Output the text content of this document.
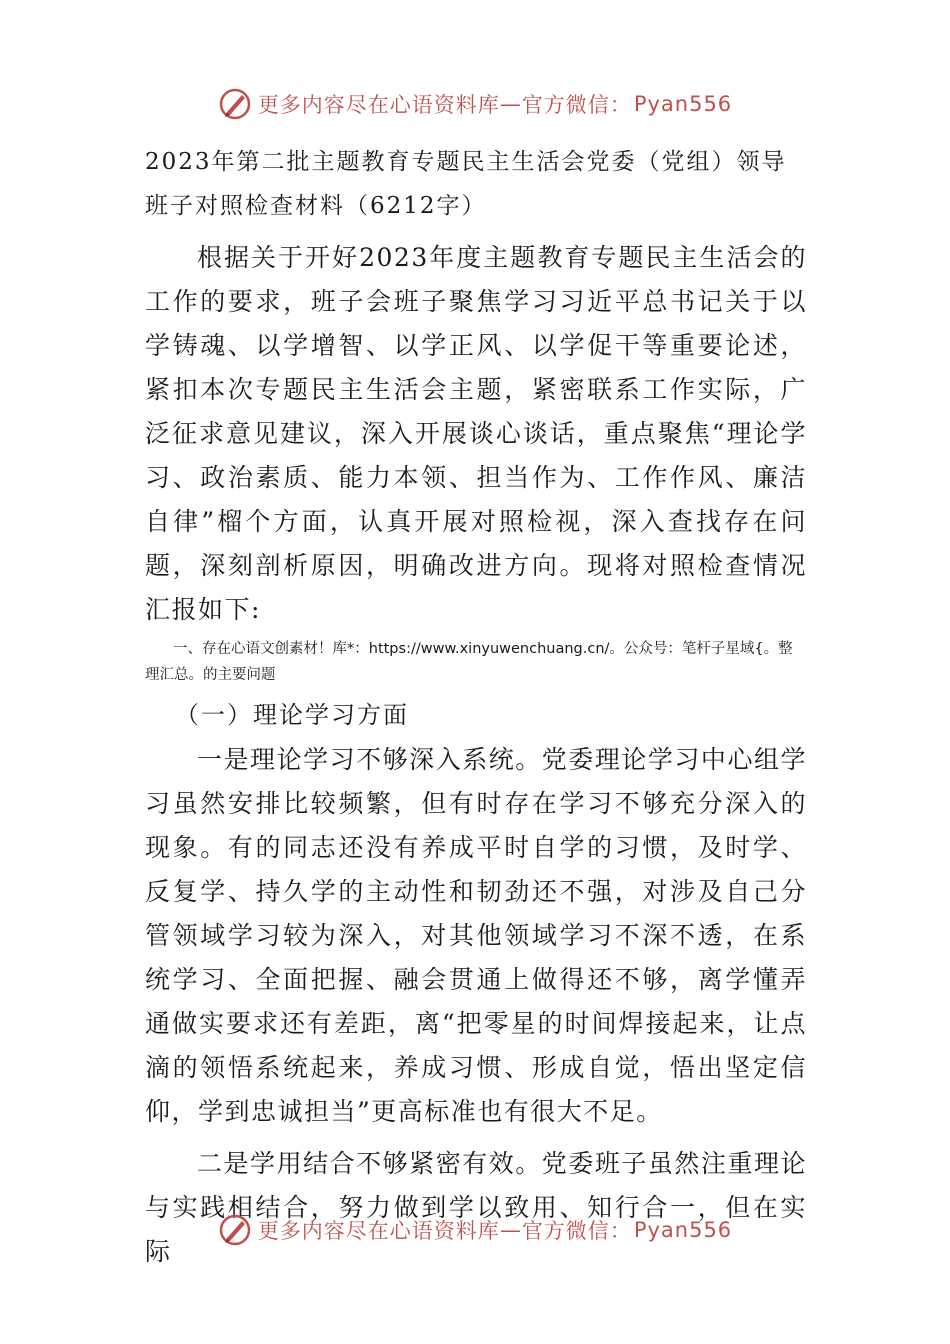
更多内容尽在心语资料库 — 官方微信： Pyan556

2023年第二批主题教育专题民主生活会党委（党组）领导班子对照检查材料（6212字）

根据关于开好2023年度主题教育专题民主生活会的工作的要求，班子会班子聚焦学习习近平总书记关于以学铸魂、以学增智、以学正风、以学促干等重要论述，紧扣本次专题民主生活会主题，紧密联系工作实际，广泛征求意见建议，深入开展谈心谈话，重点聚焦“理论学习、政治素质、能力本领、担当作为、工作作风、廉洁自律”榴个方面，认真开展对照检视，深入查找存在问题，深刻剖析原因，明确改进方向。现将对照检查情况汇报如下:

一、存在心语文创素材！库*：https://www.xinyuwenchuang.cn/。公众号：笔杆子星域{。整理汇总。的主要问题

（一）理论学习方面

一是理论学习不够深入系统。党委理论学习中心组学习虽然安排比较频繁，但有时存在学习不够充分深入的现象。有的同志还没有养成平时自学的习惯，及时学、反复学、持久学的主动性和韧劲还不强，对涉及自己分管领域学习较为深入，对其他领域学习不深不透，在系统学习、全面把握、融会贯通上做得还不够，离学懂弄通做实要求还有差距，离“把零星的时间焊接起来，让点滴的领悟系统起来，养成习惯、形成自觉，悟出坚定信仰，学到忠诚担当”更高标准也有很大不足。

二是学用结合不够紧密有效。党委班子虽然注重理论与实践相结合，努力做到学以致用、知行合一，但在实际

更多内容尽在心语资料库 — 官方微信： Pyan556
